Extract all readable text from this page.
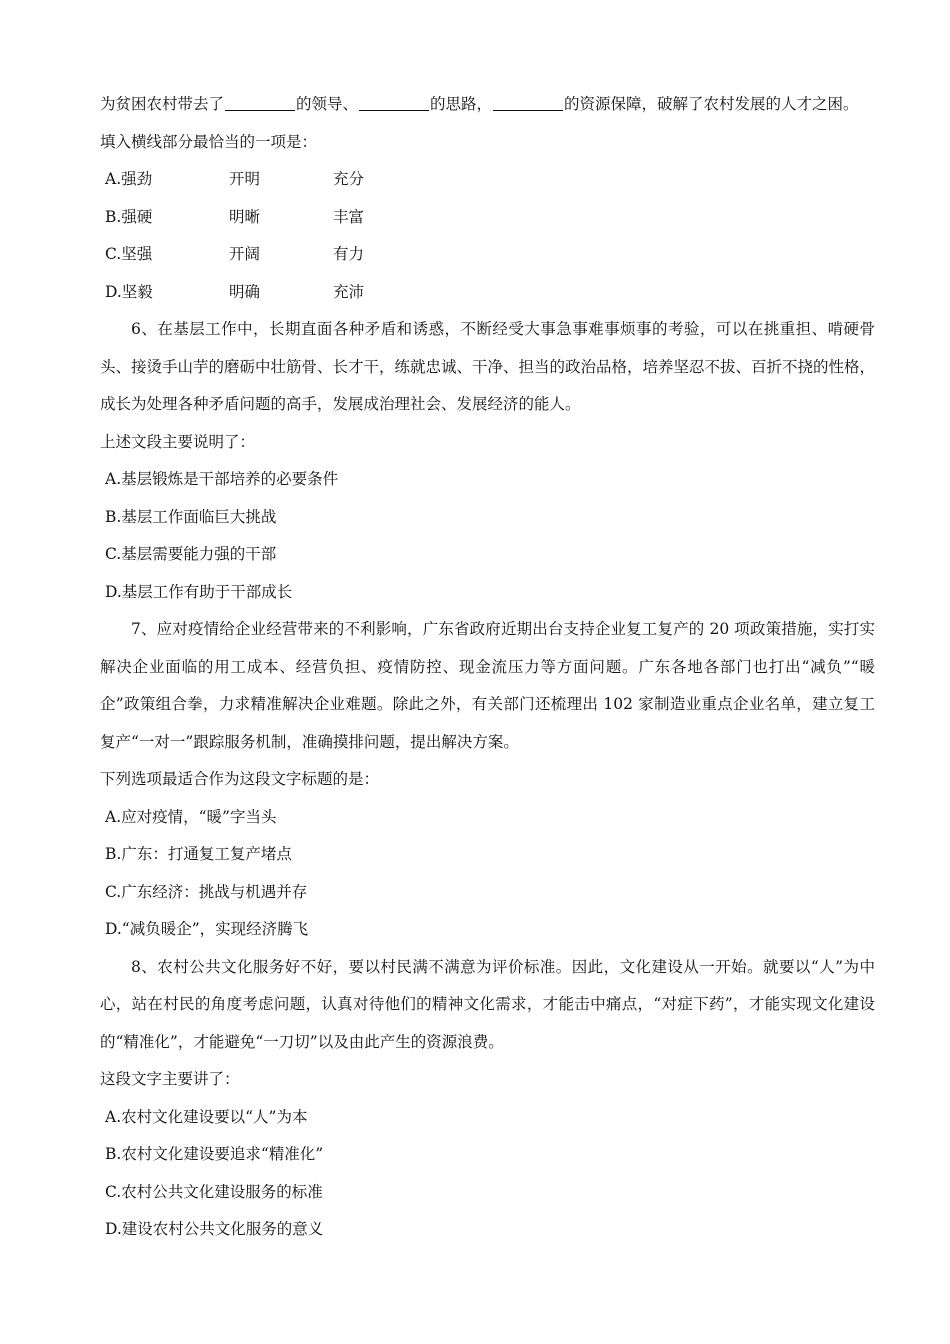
为贫困农村带去了	的领导、	的思路，	的资源保障，破解了农村发展的人才之困。
填入横线部分最恰当的一项是：
A.强劲	开明	充分
B.强硬	明晰	丰富
C.坚强	开阔	有力
D.坚毅	明确	充沛
6、在基层工作中，长期直面各种矛盾和诱惑，不断经受大事急事难事烦事的考验，可以在挑重担、啃硬骨头、接烫手山芋的磨砺中壮筋骨、长才干，练就忠诚、干净、担当的政治品格，培养坚忍不拔、百折不挠的性格，成长为处理各种矛盾问题的高手，发展成治理社会、发展经济的能人。
上述文段主要说明了：
A.基层锻炼是干部培养的必要条件
B.基层工作面临巨大挑战
C.基层需要能力强的干部
D.基层工作有助于干部成长
7、应对疫情给企业经营带来的不利影响，广东省政府近期出台支持企业复工复产的 20 项政策措施，实打实解决企业面临的用工成本、经营负担、疫情防控、现金流压力等方面问题。广东各地各部门也打出“减负”“暖企”政策组合拳，力求精准解决企业难题。除此之外，有关部门还梳理出 102 家制造业重点企业名单，建立复工复产“一对一”跟踪服务机制，准确摸排问题，提出解决方案。
下列选项最适合作为这段文字标题的是：
A.应对疫情，“暖”字当头
B.广东：打通复工复产堵点
C.广东经济：挑战与机遇并存
D.“减负暖企”，实现经济腾飞
8、农村公共文化服务好不好，要以村民满不满意为评价标准。因此，文化建设从一开始。就要以“人”为中心，站在村民的角度考虑问题，认真对待他们的精神文化需求，才能击中痛点，“对症下药”，才能实现文化建设的“精准化”，才能避免“一刀切”以及由此产生的资源浪费。
这段文字主要讲了：
A.农村文化建设要以“人”为本
B.农村文化建设要追求“精准化”
C.农村公共文化建设服务的标准
D.建设农村公共文化服务的意义
